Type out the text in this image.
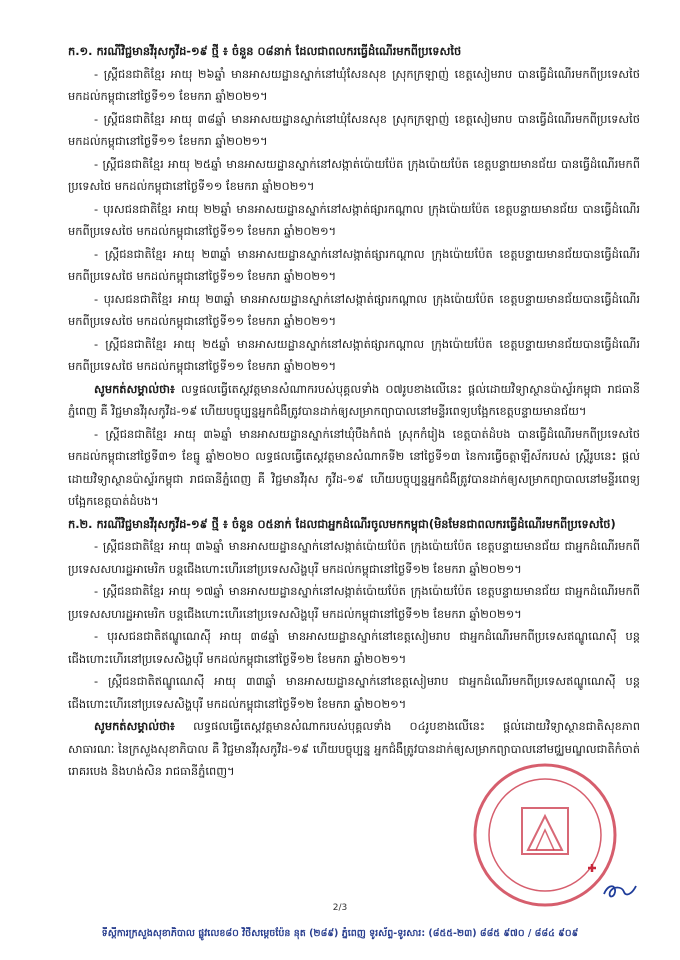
ក.១. ករណីវិជ្ជមានវីរុសកូវីដ-១៩ ថ្មី ៖ ចំនួន ០៨នាក់ ដែលជាពលករធ្វើដំណើរមកពីប្រទេសថៃ

- ស្ត្រីជនជាតិខ្មែរ អាយុ ២៦ឆ្នាំ មានអាសយដ្ឋានស្នាក់នៅឃុំសែនសុខ ស្រុកក្រឡាញ់ ខេត្តសៀមរាប បានធ្វើដំណើរមកពីប្រទេសថៃ មកដល់កម្ពុជានៅថ្ងៃទី១១ ខែមករា ឆ្នាំ២០២១។

- ស្ត្រីជនជាតិខ្មែរ អាយុ ៣៨ឆ្នាំ មានអាសយដ្ឋានស្នាក់នៅឃុំសែនសុខ ស្រុកក្រឡាញ់ ខេត្តសៀមរាប បានធ្វើដំណើរមកពីប្រទេសថៃ មកដល់កម្ពុជានៅថ្ងៃទី១១ ខែមករា ឆ្នាំ២០២១។

- ស្ត្រីជនជាតិខ្មែរ អាយុ ២៥ឆ្នាំ មានអាសយដ្ឋានស្នាក់នៅសង្កាត់ប៉ោយប៉ែត ក្រុងប៉ោយប៉ែត ខេត្តបន្ទាយមានជ័យ បានធ្វើដំណើរមកពីប្រទេសថៃ មកដល់កម្ពុជានៅថ្ងៃទី១១ ខែមករា ឆ្នាំ២០២១។

- បុរសជនជាតិខ្មែរ អាយុ ២២ឆ្នាំ មានអាសយដ្ឋានស្នាក់នៅសង្កាត់ផ្សារកណ្ដាល ក្រុងប៉ោយប៉ែត ខេត្តបន្ទាយមានជ័យ បានធ្វើដំណើរមកពីប្រទេសថៃ មកដល់កម្ពុជានៅថ្ងៃទី១១ ខែមករា ឆ្នាំ២០២១។

- ស្ត្រីជនជាតិខ្មែរ អាយុ ២៣ឆ្នាំ មានអាសយដ្ឋានស្នាក់នៅសង្កាត់ផ្សារកណ្ដាល ក្រុងប៉ោយប៉ែត ខេត្តបន្ទាយមានជ័យបានធ្វើដំណើរមកពីប្រទេសថៃ មកដល់កម្ពុជានៅថ្ងៃទី១១ ខែមករា ឆ្នាំ២០២១។

- បុរសជនជាតិខ្មែរ អាយុ ២៣ឆ្នាំ មានអាសយដ្ឋានស្នាក់នៅសង្កាត់ផ្សារកណ្ដាល ក្រុងប៉ោយប៉ែត ខេត្តបន្ទាយមានជ័យបានធ្វើដំណើរមកពីប្រទេសថៃ មកដល់កម្ពុជានៅថ្ងៃទី១១ ខែមករា ឆ្នាំ២០២១។

- ស្ត្រីជនជាតិខ្មែរ អាយុ ២៥ឆ្នាំ មានអាសយដ្ឋានស្នាក់នៅសង្កាត់ផ្សារកណ្ដាល ក្រុងប៉ោយប៉ែត ខេត្តបន្ទាយមានជ័យបានធ្វើដំណើរមកពីប្រទេសថៃ មកដល់កម្ពុជានៅថ្ងៃទី១១ ខែមករា ឆ្នាំ២០២១។

សូមកត់សម្គាល់ថា៖ លទ្ធផលធ្វើតេស្តវត្តមានសំណាករបស់បុគ្គលទាំង ០៧រូបខាងលើនេះ ផ្ដល់ដោយវិទ្យាស្ថានប៉ាស្ទ័រកម្ពុជា រាជធានីភ្នំពេញ គឺ វិជ្ជមានវីរុសកូវីដ-១៩ ហើយបច្ចុប្បន្នអ្នកជំងឺត្រូវបានដាក់ឲ្យសម្រាកព្យាបាលនៅមន្ទីរពេទ្យបង្អែកខេត្តបន្ទាយមានជ័យ។

- ស្ត្រីជនជាតិខ្មែរ អាយុ ៣៦ឆ្នាំ មានអាសយដ្ឋានស្នាក់នៅឃុំបឹងកំពង់ ស្រុកកំរៀង ខេត្តបាត់ដំបង បានធ្វើដំណើរមកពីប្រទេសថៃ មកដល់កម្ពុជានៅថ្ងៃទី៣១ ខែធ្នូ ឆ្នាំ២០២០ លទ្ធផលធ្វើតេស្តវត្តមានសំណាកទី២ នៅថ្ងៃទី១៣ នៃការធ្វើចត្តាឡីស័ករបស់ ស្ត្រីរូបនេះ ផ្ដល់ដោយវិទ្យាស្ថានប៉ាស្ទ័រកម្ពុជា រាជធានីភ្នំពេញ គឺ វិជ្ជមានវីរុស កូវីដ-១៩ ហើយបច្ចុប្បន្នអ្នកជំងឺត្រូវបានដាក់ឲ្យសម្រាកព្យាបាលនៅមន្ទីរពេទ្យបង្អែកខេត្តបាត់ដំបង។

ក.២. ករណីវិជ្ជមានវីរុសកូវីដ-១៩ ថ្មី ៖ ចំនួន ០៥នាក់ ដែលជាអ្នកដំណើរចូលមកកម្ពុជា(មិនមែនជាពលករធ្វើដំណើរមកពីប្រទេសថៃ)

- ស្ត្រីជនជាតិខ្មែរ អាយុ ៣៦ឆ្នាំ មានអាសយដ្ឋានស្នាក់នៅសង្កាត់ប៉ោយប៉ែត ក្រុងប៉ោយប៉ែត ខេត្តបន្ទាយមានជ័យ ជាអ្នកដំណើរមកពីប្រទេសសហរដ្ឋអាមេរិក បន្តជើងហោះហើរនៅប្រទេសសិង្ហបុរី មកដល់កម្ពុជានៅថ្ងៃទី១២ ខែមករា ឆ្នាំ២០២១។

- ស្ត្រីជនជាតិខ្មែរ អាយុ ១៧ឆ្នាំ មានអាសយដ្ឋានស្នាក់នៅសង្កាត់ប៉ោយប៉ែត ក្រុងប៉ោយប៉ែត ខេត្តបន្ទាយមានជ័យ ជាអ្នកដំណើរមកពីប្រទេសសហរដ្ឋអាមេរិក បន្តជើងហោះហើរនៅប្រទេសសិង្ហបុរី មកដល់កម្ពុជានៅថ្ងៃទី១២ ខែមករា ឆ្នាំ២០២១។

- បុរសជនជាតិឥណ្ឌូណេស៊ី អាយុ ៣៨ឆ្នាំ មានអាសយដ្ឋានស្នាក់នៅខេត្តសៀមរាប ជាអ្នកដំណើរមកពីប្រទេសឥណ្ឌូណេស៊ី បន្តជើងហោះហើរនៅប្រទេសសិង្ហបុរី មកដល់កម្ពុជានៅថ្ងៃទី១២ ខែមករា ឆ្នាំ២០២១។

- ស្ត្រីជនជាតិឥណ្ឌូណេស៊ី អាយុ ៣៣ឆ្នាំ មានអាសយដ្ឋានស្នាក់នៅខេត្តសៀមរាប ជាអ្នកដំណើរមកពីប្រទេសឥណ្ឌូណេស៊ី បន្តជើងហោះហើរនៅប្រទេសសិង្ហបុរី មកដល់កម្ពុជានៅថ្ងៃទី១២ ខែមករា ឆ្នាំ២០២១។

សូមកត់សម្គាល់ថា៖ លទ្ធផលធ្វើតេស្តវត្តមានសំណាករបស់បុគ្គលទាំង ០៤រូបខាងលើនេះ ផ្ដល់ដោយវិទ្យាស្ថានជាតិសុខភាពសាធារណៈ នៃក្រសួងសុខាភិបាល គឺ វិជ្ជមានវីរុសកូវីដ-១៩ ហើយបច្ចុប្បន្ន អ្នកជំងឺត្រូវបានដាក់ឲ្យសម្រាកព្យាបាលនៅមជ្ឈមណ្ឌលជាតិកំចាត់រោគរបេង និងហង់សិន រាជធានីភ្នំពេញ។

2/3
ទីស្តីការក្រសួងសុខាភិបាល ផ្លូវលេខ៨០ វិថីសម្ដេចប៉ែន នុត (២៨៩) ភ្នំពេញ ទូរស័ព្ទ-ទូរសារ: (៨៥៥-២៣) ៨៨៥ ៩៧០ / ៨៨៤ ៩០៩
